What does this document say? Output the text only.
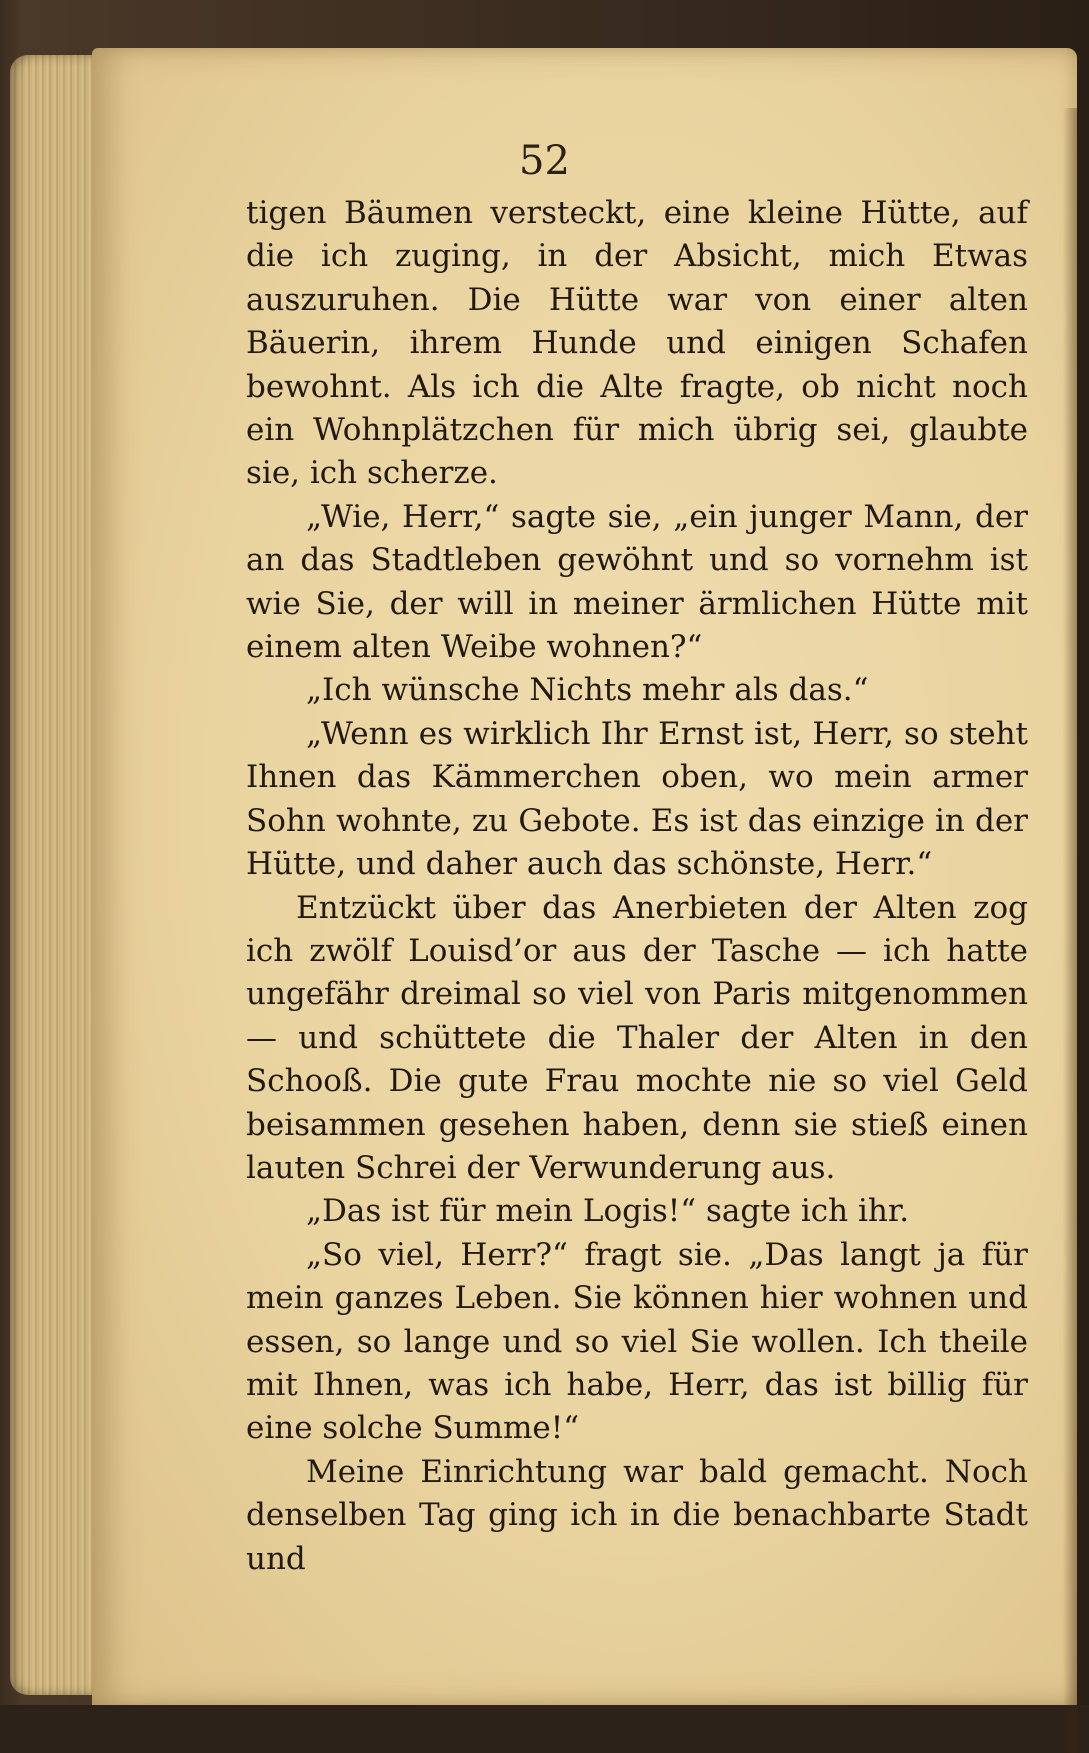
52

tigen Bäumen versteckt, eine kleine Hütte, auf die ich zuging, in der Absicht, mich Etwas auszuruhen. Die Hütte war von einer alten Bäuerin, ihrem Hunde und einigen Schafen bewohnt. Als ich die Alte fragte, ob nicht noch ein Wohnplätzchen für mich übrig sei, glaubte sie, ich scherze.

„Wie, Herr,“ sagte sie, „ein junger Mann, der an das Stadtleben gewöhnt und so vornehm ist wie Sie, der will in meiner ärmlichen Hütte mit einem alten Weibe wohnen?“

„Ich wünsche Nichts mehr als das.“

„Wenn es wirklich Ihr Ernst ist, Herr, so steht Ihnen das Kämmerchen oben, wo mein armer Sohn wohnte, zu Gebote. Es ist das einzige in der Hütte, und daher auch das schönste, Herr.“

Entzückt über das Anerbieten der Alten zog ich zwölf Louisd’or aus der Tasche — ich hatte ungefähr dreimal so viel von Paris mitgenommen — und schüttete die Thaler der Alten in den Schooß. Die gute Frau mochte nie so viel Geld beisammen gesehen haben, denn sie stieß einen lauten Schrei der Verwunderung aus.

„Das ist für mein Logis!“ sagte ich ihr.

„So viel, Herr?“ fragt sie. „Das langt ja für mein ganzes Leben. Sie können hier wohnen und essen, so lange und so viel Sie wollen. Ich theile mit Ihnen, was ich habe, Herr, das ist billig für eine solche Summe!“

Meine Einrichtung war bald gemacht. Noch denselben Tag ging ich in die benachbarte Stadt und
